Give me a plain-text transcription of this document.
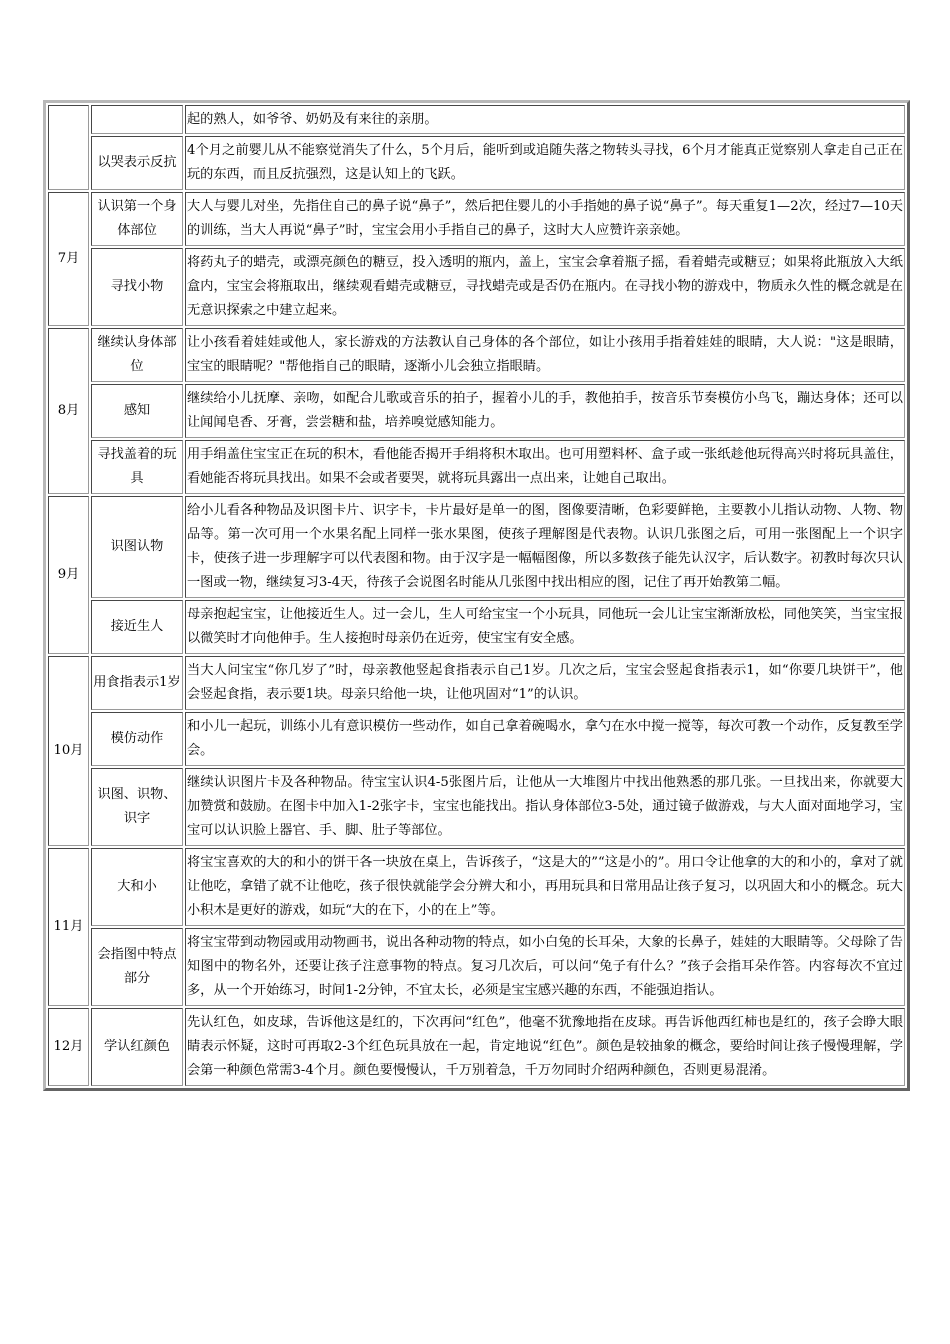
		起的熟人，如爷爷、奶奶及有来往的亲朋。
	以哭表示反抗	4个月之前婴儿从不能察觉消失了什么，5个月后，能听到或追随失落之物转头寻找，6个月才能真正觉察别人拿走自己正在玩的东西，而且反抗强烈，这是认知上的飞跃。
7月	认识第一个身体部位	大人与婴儿对坐，先指住自己的鼻子说“鼻子”，然后把住婴儿的小手指她的鼻子说“鼻子”。每天重复1—2次，经过7—10天的训练，当大人再说“鼻子”时，宝宝会用小手指自己的鼻子，这时大人应赞许亲亲她。
	寻找小物	将药丸子的蜡壳，或漂亮颜色的糖豆，投入透明的瓶内，盖上，宝宝会拿着瓶子摇，看着蜡壳或糖豆；如果将此瓶放入大纸盒内，宝宝会将瓶取出，继续观看蜡壳或糖豆，寻找蜡壳或是否仍在瓶内。在寻找小物的游戏中，物质永久性的概念就是在无意识探索之中建立起来。
8月	继续认身体部位	让小孩看着娃娃或他人，家长游戏的方法教认自己身体的各个部位，如让小孩用手指着娃娃的眼睛，大人说："这是眼睛，宝宝的眼睛呢？"帮他指自己的眼睛，逐渐小儿会独立指眼睛。
	感知	继续给小儿抚摩、亲吻，如配合儿歌或音乐的拍子，握着小儿的手，教他拍手，按音乐节奏模仿小鸟飞，蹦达身体；还可以让闻闻皂香、牙膏，尝尝糖和盐，培养嗅觉感知能力。
	寻找盖着的玩具	用手绢盖住宝宝正在玩的积木，看他能否揭开手绢将积木取出。也可用塑料杯、盒子或一张纸趁他玩得高兴时将玩具盖住，看她能否将玩具找出。如果不会或者要哭，就将玩具露出一点出来，让她自己取出。
9月	识图认物	给小儿看各种物品及识图卡片、识字卡，卡片最好是单一的图，图像要清晰，色彩要鲜艳，主要教小儿指认动物、人物、物品等。第一次可用一个水果名配上同样一张水果图，使孩子理解图是代表物。认识几张图之后，可用一张图配上一个识字卡，使孩子进一步理解字可以代表图和物。由于汉字是一幅幅图像，所以多数孩子能先认汉字，后认数字。初教时每次只认一图或一物，继续复习3-4天，待孩子会说图名时能从几张图中找出相应的图，记住了再开始教第二幅。
	接近生人	母亲抱起宝宝，让他接近生人。过一会儿，生人可给宝宝一个小玩具，同他玩一会儿让宝宝渐渐放松，同他笑笑，当宝宝报以微笑时才向他伸手。生人接抱时母亲仍在近旁，使宝宝有安全感。
10月	用食指表示1岁	当大人问宝宝“你几岁了”时，母亲教他竖起食指表示自己1岁。几次之后，宝宝会竖起食指表示1，如“你要几块饼干”，他会竖起食指，表示要1块。母亲只给他一块，让他巩固对“1”的认识。
	模仿动作	和小儿一起玩，训练小儿有意识模仿一些动作，如自己拿着碗喝水，拿勺在水中搅一搅等，每次可教一个动作，反复教至学会。
	识图、识物、识字	继续认识图片卡及各种物品。待宝宝认识4-5张图片后，让他从一大堆图片中找出他熟悉的那几张。一旦找出来，你就要大加赞赏和鼓励。在图卡中加入1-2张字卡，宝宝也能找出。指认身体部位3-5处，通过镜子做游戏，与大人面对面地学习，宝宝可以认识脸上器官、手、脚、肚子等部位。
11月	大和小	将宝宝喜欢的大的和小的饼干各一块放在桌上，告诉孩子，“这是大的”“这是小的”。用口令让他拿的大的和小的，拿对了就让他吃，拿错了就不让他吃，孩子很快就能学会分辨大和小，再用玩具和日常用品让孩子复习，以巩固大和小的概念。玩大小积木是更好的游戏，如玩“大的在下，小的在上”等。
	会指图中特点部分	将宝宝带到动物园或用动物画书，说出各种动物的特点，如小白兔的长耳朵，大象的长鼻子，娃娃的大眼睛等。父母除了告知图中的物名外，还要让孩子注意事物的特点。复习几次后，可以问“兔子有什么？”孩子会指耳朵作答。内容每次不宜过多，从一个开始练习，时间1-2分钟，不宜太长，必须是宝宝感兴趣的东西，不能强迫指认。
12月	学认红颜色	先认红色，如皮球，告诉他这是红的，下次再问“红色”，他毫不犹豫地指在皮球。再告诉他西红柿也是红的，孩子会睁大眼睛表示怀疑，这时可再取2-3个红色玩具放在一起，肯定地说“红色”。颜色是较抽象的概念，要给时间让孩子慢慢理解，学会第一种颜色常需3-4个月。颜色要慢慢认，千万别着急，千万勿同时介绍两种颜色，否则更易混淆。
